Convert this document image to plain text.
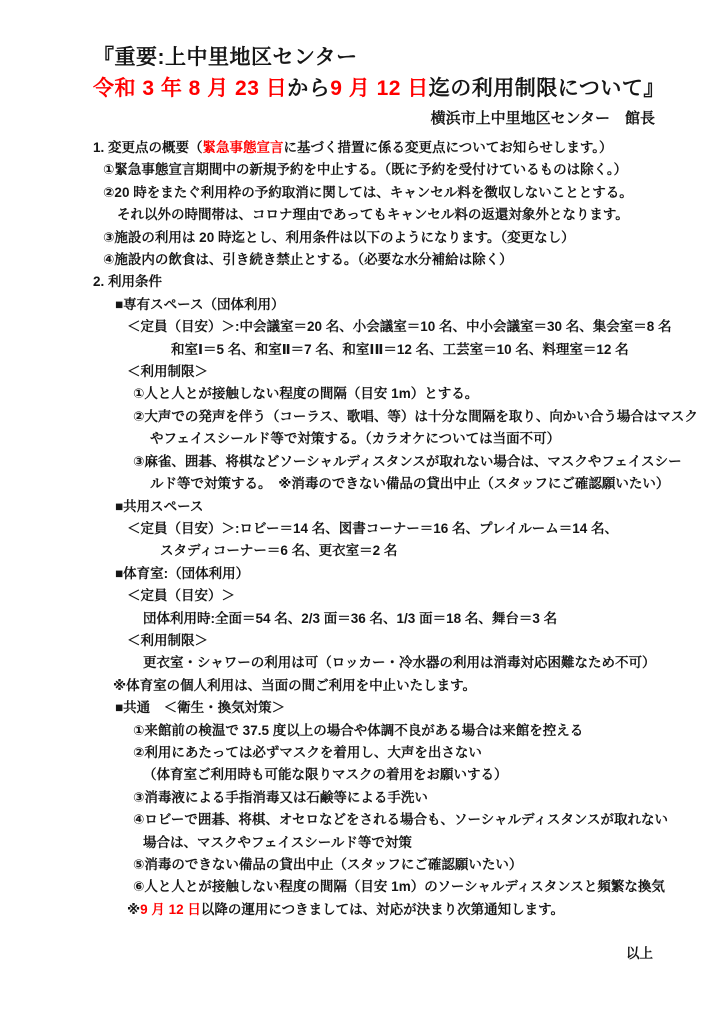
『重要:上中里地区センター
令和 3 年 8 月 23 日から9 月 12 日迄の利用制限について』
横浜市上中里地区センター　館長
1. 変更点の概要（緊急事態宣言に基づく措置に係る変更点についてお知らせします。）
①緊急事態宣言期間中の新規予約を中止する。（既に予約を受付けているものは除く。）
②20 時をまたぐ利用枠の予約取消に関しては、キャンセル料を徴収しないこととする。
それ以外の時間帯は、コロナ理由であってもキャンセル料の返還対象外となります。
③施設の利用は 20 時迄とし、利用条件は以下のようになります。（変更なし）
④施設内の飲食は、引き続き禁止とする。（必要な水分補給は除く）
2. 利用条件
■専有スペース（団体利用）
＜定員（目安）＞:中会議室＝20 名、小会議室＝10 名、中小会議室＝30 名、集会室＝8 名
和室Ⅰ＝5 名、和室Ⅱ＝7 名、和室ⅠⅡ＝12 名、工芸室＝10 名、料理室＝12 名
＜利用制限＞
①人と人とが接触しない程度の間隔（目安 1m）とする。
②大声での発声を伴う（コーラス、歌唱、等）は十分な間隔を取り、向かい合う場合はマスク
やフェイスシールド等で対策する。（カラオケについては当面不可）
③麻雀、囲碁、将棋などソーシャルディスタンスが取れない場合は、マスクやフェイスシー
ルド等で対策する。　※消毒のできない備品の貸出中止（スタッフにご確認願いたい）
■共用スペース
＜定員（目安）＞:ロビー＝14 名、図書コーナー＝16 名、プレイルーム＝14 名、
スタディコーナー＝6 名、更衣室＝2 名
■体育室:（団体利用）
＜定員（目安）＞
団体利用時:全面＝54 名、2/3 面＝36 名、1/3 面＝18 名、舞台＝3 名
＜利用制限＞
更衣室・シャワーの利用は可（ロッカー・冷水器の利用は消毒対応困難なため不可）
※体育室の個人利用は、当面の間ご利用を中止いたします。
■共通　＜衛生・換気対策＞
①来館前の検温で 37.5 度以上の場合や体調不良がある場合は来館を控える
②利用にあたっては必ずマスクを着用し、大声を出さない
（体育室ご利用時も可能な限りマスクの着用をお願いする）
③消毒液による手指消毒又は石鹸等による手洗い
④ロビーで囲碁、将棋、オセロなどをされる場合も、ソーシャルディスタンスが取れない
場合は、マスクやフェイスシールド等で対策
⑤消毒のできない備品の貸出中止（スタッフにご確認願いたい）
⑥人と人とが接触しない程度の間隔（目安 1m）のソーシャルディスタンスと頻繁な換気
※9 月 12 日以降の運用につきましては、対応が決まり次第通知します。
以上
